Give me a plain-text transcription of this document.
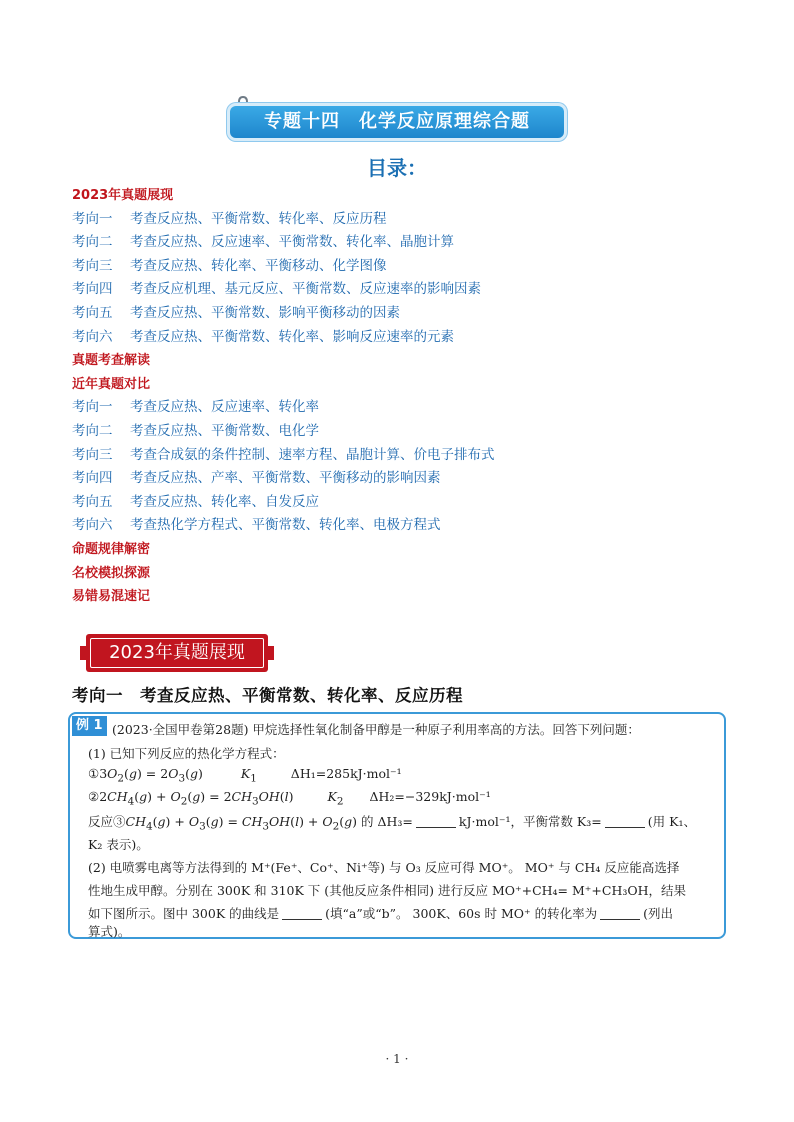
专题十四　化学反应原理综合题
目录：
2023年真题展现
考向一 考查反应热、平衡常数、转化率、反应历程
考向二 考查反应热、反应速率、平衡常数、转化率、晶胞计算
考向三 考查反应热、转化率、平衡移动、化学图像
考向四 考查反应机理、基元反应、平衡常数、反应速率的影响因素
考向五 考查反应热、平衡常数、影响平衡移动的因素
考向六 考查反应热、平衡常数、转化率、影响反应速率的元素
真题考查解读
近年真题对比
考向一 考查反应热、反应速率、转化率
考向二 考查反应热、平衡常数、电化学
考向三 考查合成氨的条件控制、速率方程、晶胞计算、价电子排布式
考向四 考查反应热、产率、平衡常数、平衡移动的影响因素
考向五 考查反应热、转化率、自发反应
考向六 考查热化学方程式、平衡常数、转化率、电极方程式
命题规律解密
名校模拟探源
易错易混速记
2023年真题展现
考向一　考查反应热、平衡常数、转化率、反应历程
例 1 (2023·全国甲卷第28题) 甲烷选择性氧化制备甲醇是一种原子利用率高的方法。回答下列问题：
(1) 已知下列反应的热化学方程式：
$①3O_2(g) = 2O_3(g)$	$K_1$	ΔH₁=285kJ·mol⁻¹
$②2CH_4(g) + O_2(g) = 2CH_3OH(l)$ $K_2$ ΔH₂=−329kJ·mol⁻¹
反应$③CH_4(g) + O_3(g) = CH_3OH(l) + O_2(g)$ 的 ΔH₃=	kJ·mol⁻¹，平衡常数 K₃=	(用 K₁、
K₂ 表示)。
(2) 电喷雾电离等方法得到的 M⁺(Fe⁺、Co⁺、Ni⁺等) 与 O₃ 反应可得 MO⁺。 MO⁺ 与 CH₄ 反应能高选择
性地生成甲醇。分别在 300K 和 310K 下 (其他反应条件相同) 进行反应 MO⁺+CH₄= M⁺+CH₃OH，结果
如下图所示。图中 300K 的曲线是	(填“a”或“b”。 300K、60s 时 MO⁺ 的转化率为	(列出
算式)。
· 1 ·
